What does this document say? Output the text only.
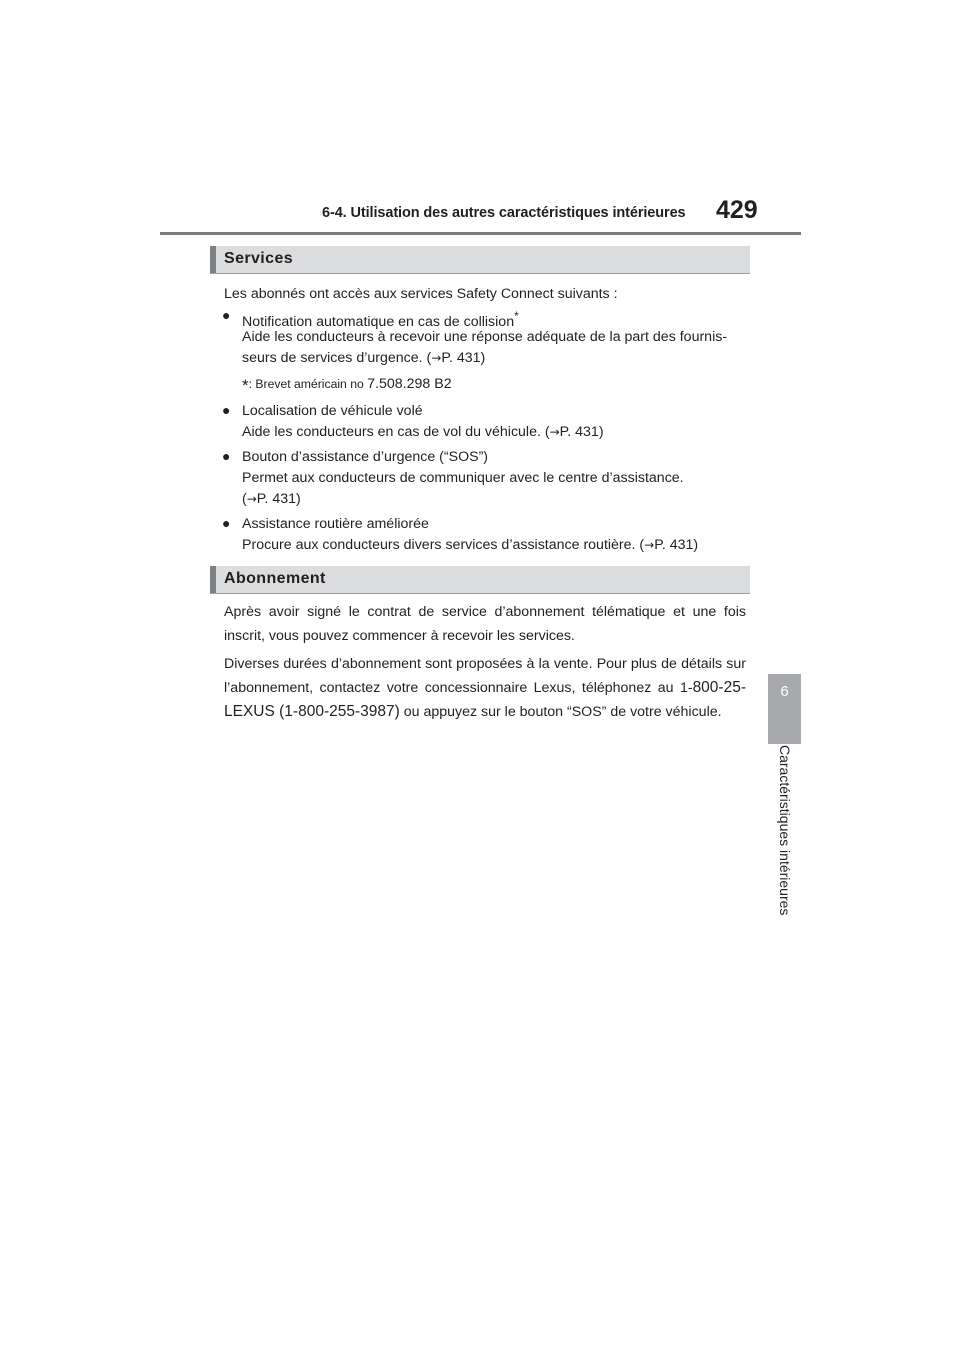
6-4. Utilisation des autres caractéristiques intérieures 429
6
Caractéristiques intérieures
Services
Les abonnés ont accès aux services Safety Connect suivants :
● Notification automatique en cas de collision*
Aide les conducteurs à recevoir une réponse adéquate de la part des fournis-
seurs de services d’urgence. (→P. 431)
*: Brevet américain no 7.508.298 B2
● Localisation de véhicule volé
Aide les conducteurs en cas de vol du véhicule. (→P. 431)
● Bouton d’assistance d’urgence (“SOS”)
Permet aux conducteurs de communiquer avec le centre d’assistance.
(→P. 431)
● Assistance routière améliorée
Procure aux conducteurs divers services d’assistance routière. (→P. 431)
Abonnement
Après avoir signé le contrat de service d’abonnement télématique et une fois inscrit, vous pouvez commencer à recevoir les services.
Diverses durées d’abonnement sont proposées à la vente. Pour plus de détails sur l’abonnement, contactez votre concessionnaire Lexus, téléphonez au 1-800-25-LEXUS (1-800-255-3987) ou appuyez sur le bouton “SOS” de votre véhicule.
